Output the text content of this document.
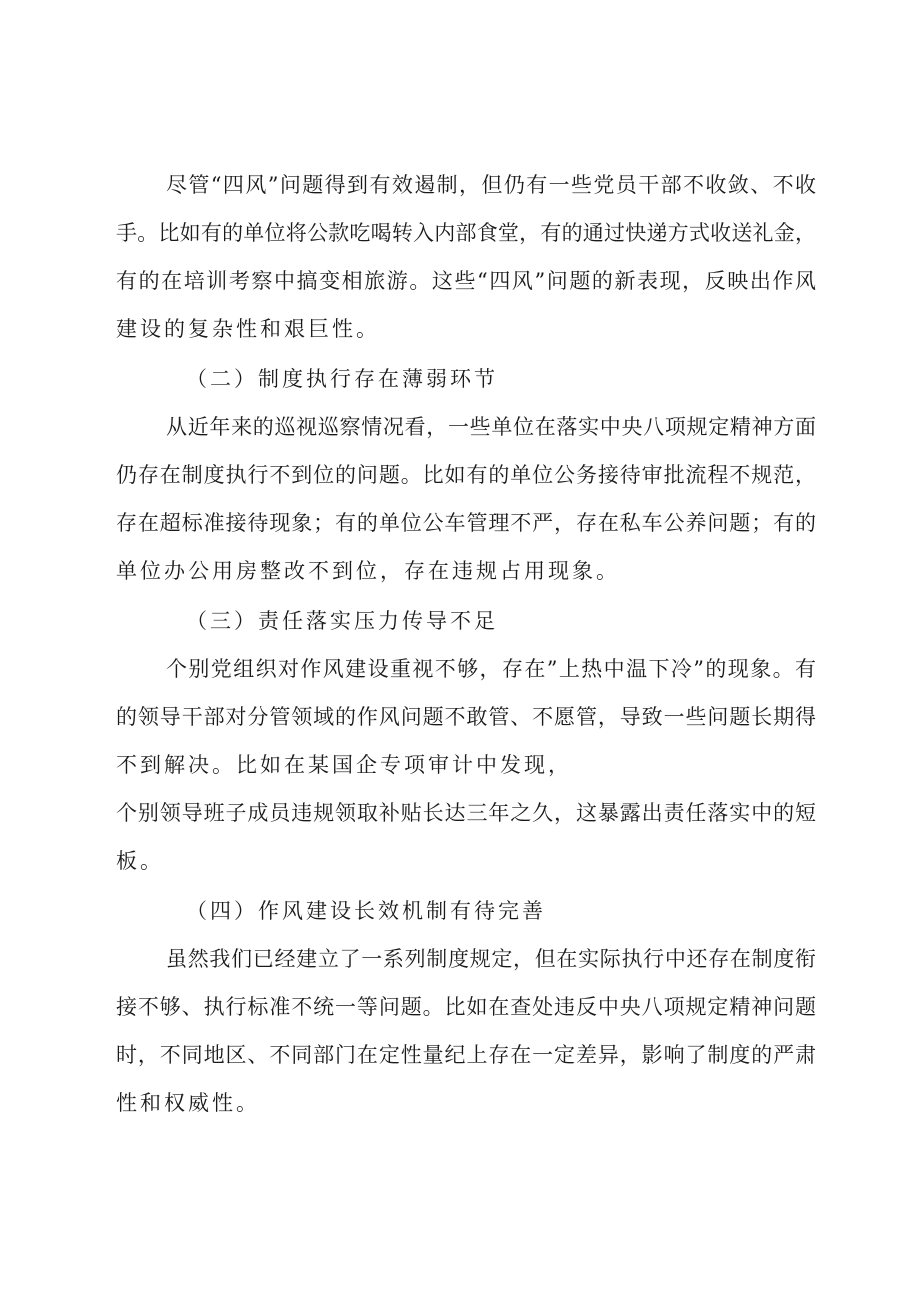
尽管“四风”问题得到有效遏制，但仍有一些党员干部不收敛、不收
手。比如有的单位将公款吃喝转入内部食堂，有的通过快递方式收送礼金，
有的在培训考察中搞变相旅游。这些“四风”问题的新表现，反映出作风
建设的复杂性和艰巨性。
（二）制度执行存在薄弱环节
从近年来的巡视巡察情况看，一些单位在落实中央八项规定精神方面
仍存在制度执行不到位的问题。比如有的单位公务接待审批流程不规范，
存在超标准接待现象；有的单位公车管理不严，存在私车公养问题；有的
单位办公用房整改不到位，存在违规占用现象。
（三）责任落实压力传导不足
个别党组织对作风建设重视不够，存在”上热中温下冷”的现象。有
的领导干部对分管领域的作风问题不敢管、不愿管，导致一些问题长期得
不到解决。比如在某国企专项审计中发现，
个别领导班子成员违规领取补贴长达三年之久，这暴露出责任落实中的短
板。
（四）作风建设长效机制有待完善
虽然我们已经建立了一系列制度规定，但在实际执行中还存在制度衔
接不够、执行标准不统一等问题。比如在查处违反中央八项规定精神问题
时，不同地区、不同部门在定性量纪上存在一定差异，影响了制度的严肃
性和权威性。
